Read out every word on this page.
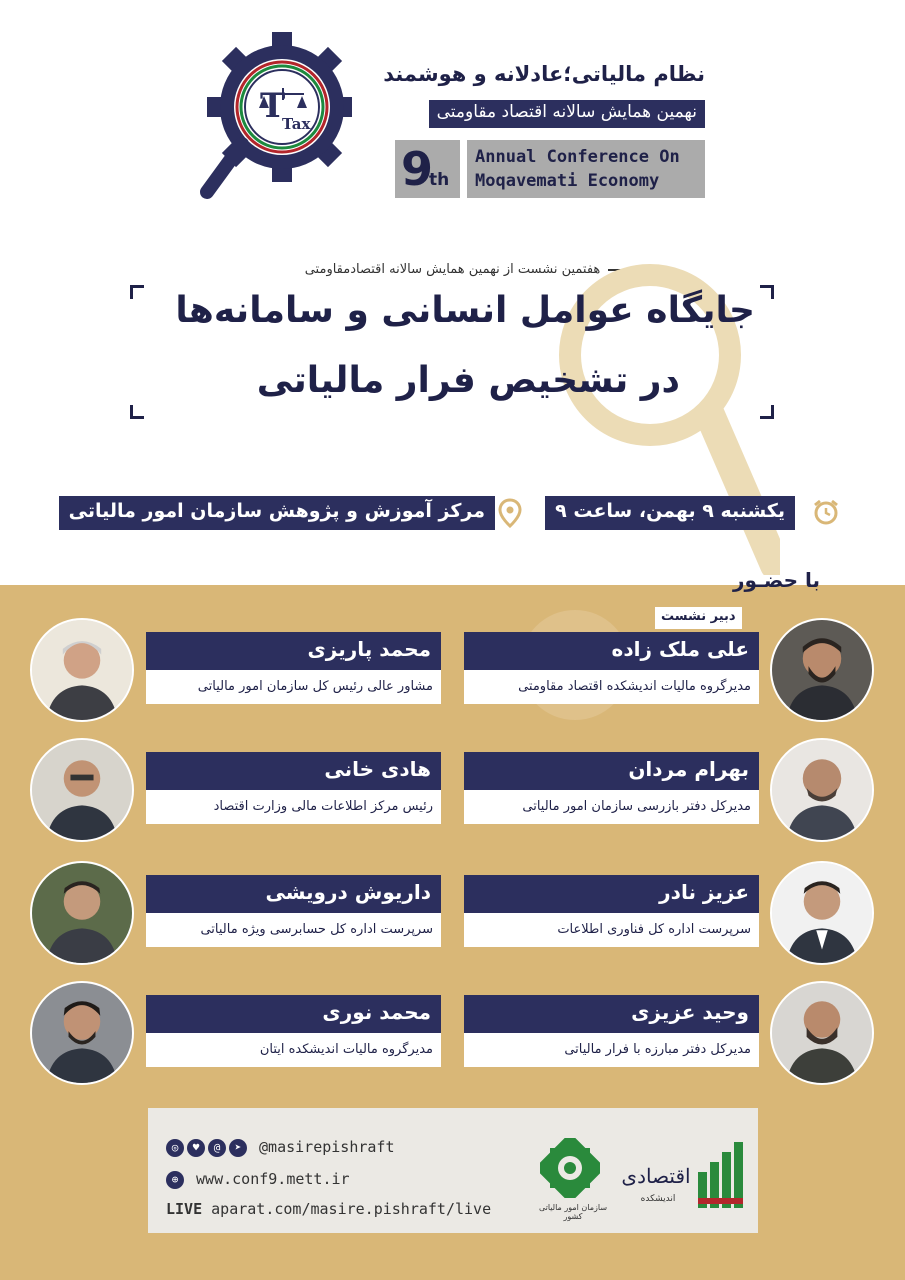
T
Tax
نظام مالیاتی؛عادلانه و هوشمند
نهمین همایش سالانه اقتصاد مقاومتی
9
th
Annual Conference On
Moqavemati Economy
هفتمین نشست از نهمین همایش سالانه اقتصادمقاومتی
جایگاه عوامل انسانی و سامانه‌ها
در تشخیص فرار مالیاتی
یکشنبه ۹ بهمن، ساعت ۹
مرکز آموزش و پژوهش سازمان امور مالیاتی
با حضـور
دبیر نشست
علی ملک زاده
مدیرگروه مالیات اندیشکده اقتصاد مقاومتی
بهرام مردان
مدیرکل دفتر بازرسی سازمان امور مالیاتی
عزیز نادر
سرپرست اداره کل فناوری اطلاعات
وحید عزیزی
مدیرکل دفتر مبارزه با فرار مالیاتی
محمد پاریزی
مشاور عالی رئیس کل سازمان امور مالیاتی
هادی خانی
رئیس مرکز اطلاعات مالی وزارت اقتصاد
داریوش درویشی
سرپرست اداره کل حسابرسی ویژه مالیاتی
محمد نوری
مدیرگروه مالیات اندیشکده ایتان
◎ ♥ @ ➤ @masirepishraft
⊕ www.conf9.mett.ir
LIVE aparat.com/masire.pishraft/live	سازمان امور مالیاتی کشور
اقتصادی
اندیشکده
